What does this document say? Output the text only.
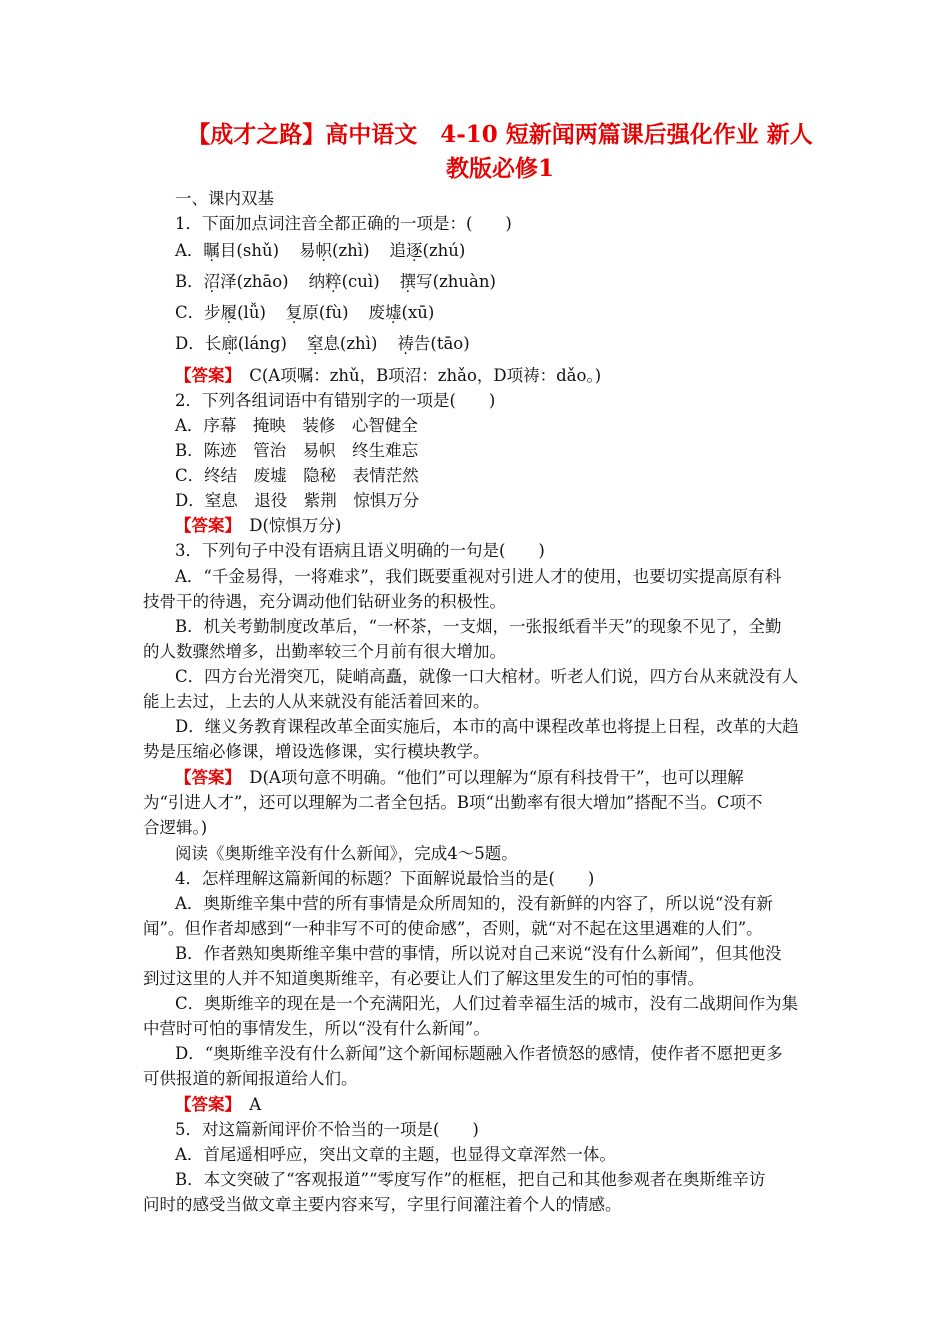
【成才之路】高中语文　4-10 短新闻两篇课后强化作业 新人
教版必修1
一、课内双基
1．下面加点词注音全都正确的一项是：(　　)
A．瞩目(shǔ) 易帜(zhì) 追逐(zhú)
B．沼泽(zhāo) 纳粹(cuì) 撰写(zhuàn)
C．步履(lǚ) 复原(fù) 废墟(xū)
D．长廊(láng) 窒息(zhì) 祷告(tāo)
【答案】　 C(A项嘱：zhǔ，B项沼：zhǎo，D项祷：dǎo。)
2．下列各组词语中有错别字的一项是(　　)
A．序幕　掩映　装修　心智健全
B．陈迹　管治　易帜　终生难忘
C．终结　废墟　隐秘　表情茫然
D．窒息　退役　紫荆　惊惧万分
【答案】　 D(惊惧万分)
3．下列句子中没有语病且语义明确的一句是(　　)
A．“千金易得，一将难求”，我们既要重视对引进人才的使用，也要切实提高原有科
技骨干的待遇，充分调动他们钻研业务的积极性。
B．机关考勤制度改革后，“一杯茶，一支烟，一张报纸看半天”的现象不见了，全勤
的人数骤然增多，出勤率较三个月前有很大增加。
C．四方台光滑突兀，陡峭高矗，就像一口大棺材。听老人们说，四方台从来就没有人
能上去过，上去的人从来就没有能活着回来的。
D．继义务教育课程改革全面实施后，本市的高中课程改革也将提上日程，改革的大趋
势是压缩必修课，增设选修课，实行模块教学。
【答案】　 D(A项句意不明确。“他们”可以理解为“原有科技骨干”，也可以理解
为“引进人才”，还可以理解为二者全包括。B项“出勤率有很大增加”搭配不当。C项不
合逻辑。)
阅读《奥斯维辛没有什么新闻》，完成4～5题。
4．怎样理解这篇新闻的标题？下面解说最恰当的是(　　)
A．奥斯维辛集中营的所有事情是众所周知的，没有新鲜的内容了，所以说“没有新
闻”。但作者却感到“一种非写不可的使命感”，否则，就“对不起在这里遇难的人们”。
B．作者熟知奥斯维辛集中营的事情，所以说对自己来说“没有什么新闻”，但其他没
到过这里的人并不知道奥斯维辛，有必要让人们了解这里发生的可怕的事情。
C．奥斯维辛的现在是一个充满阳光，人们过着幸福生活的城市，没有二战期间作为集
中营时可怕的事情发生，所以“没有什么新闻”。
D．“奥斯维辛没有什么新闻”这个新闻标题融入作者愤怒的感情，使作者不愿把更多
可供报道的新闻报道给人们。
【答案】　 A
5．对这篇新闻评价不恰当的一项是(　　)
A．首尾遥相呼应，突出文章的主题，也显得文章浑然一体。
B．本文突破了“客观报道”“零度写作”的框框，把自己和其他参观者在奥斯维辛访
问时的感受当做文章主要内容来写，字里行间灌注着个人的情感。
